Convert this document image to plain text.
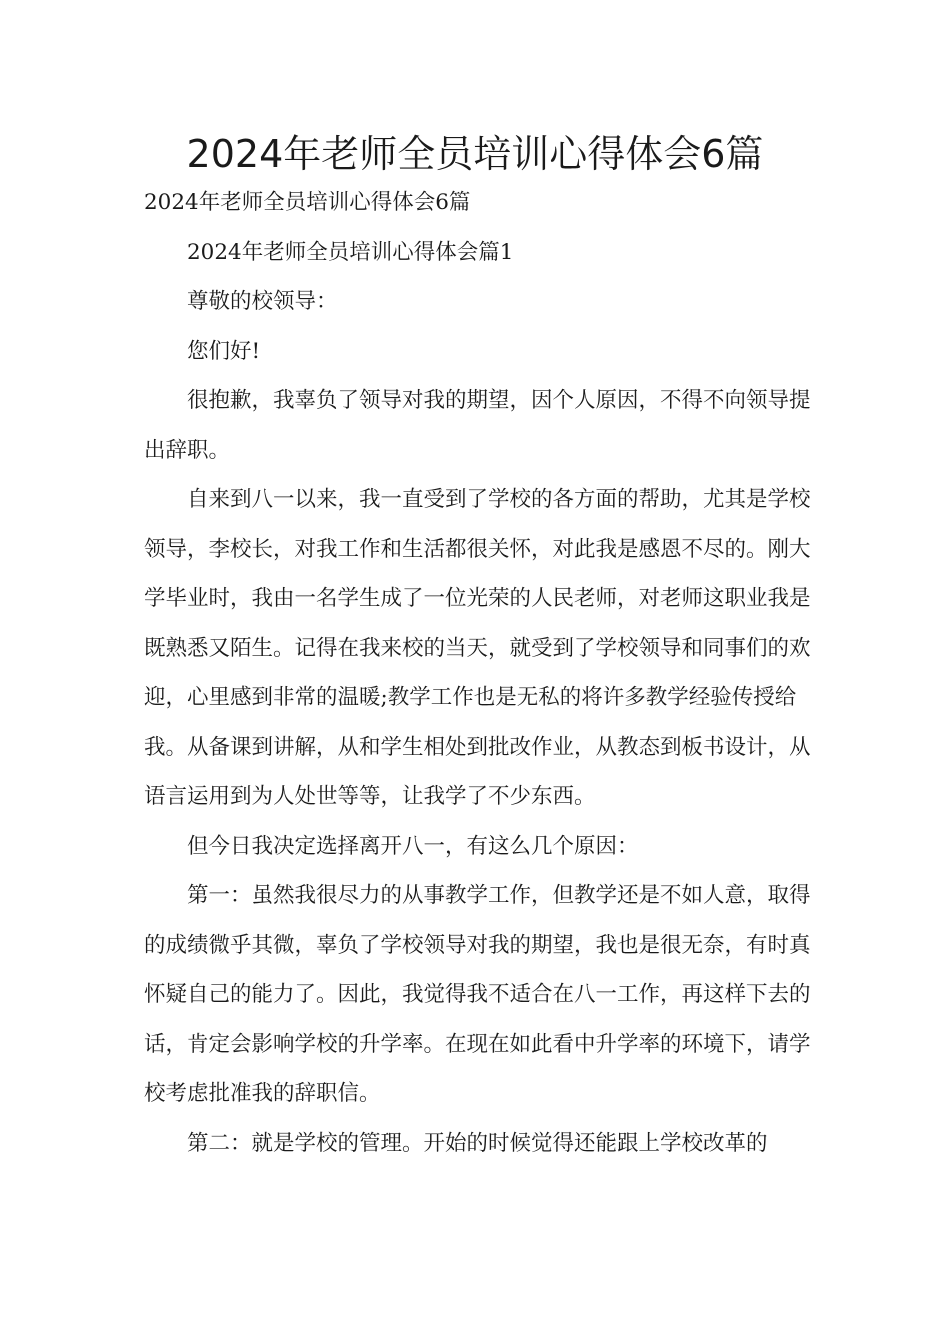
2024年老师全员培训心得体会6篇

2024年老师全员培训心得体会6篇

2024年老师全员培训心得体会篇1

尊敬的校领导：

您们好!

很抱歉，我辜负了领导对我的期望，因个人原因，不得不向领导提出辞职。

自来到八一以来，我一直受到了学校的各方面的帮助，尤其是学校领导，李校长，对我工作和生活都很关怀，对此我是感恩不尽的。刚大学毕业时，我由一名学生成了一位光荣的人民老师，对老师这职业我是既熟悉又陌生。记得在我来校的当天，就受到了学校领导和同事们的欢迎，心里感到非常的温暖;教学工作也是无私的将许多教学经验传授给我。从备课到讲解，从和学生相处到批改作业，从教态到板书设计，从语言运用到为人处世等等，让我学了不少东西。

但今日我决定选择离开八一，有这么几个原因：

第一：虽然我很尽力的从事教学工作，但教学还是不如人意，取得的成绩微乎其微，辜负了学校领导对我的期望，我也是很无奈，有时真怀疑自己的能力了。因此，我觉得我不适合在八一工作，再这样下去的话，肯定会影响学校的升学率。在现在如此看中升学率的环境下，请学校考虑批准我的辞职信。

第二：就是学校的管理。开始的时候觉得还能跟上学校改革的
